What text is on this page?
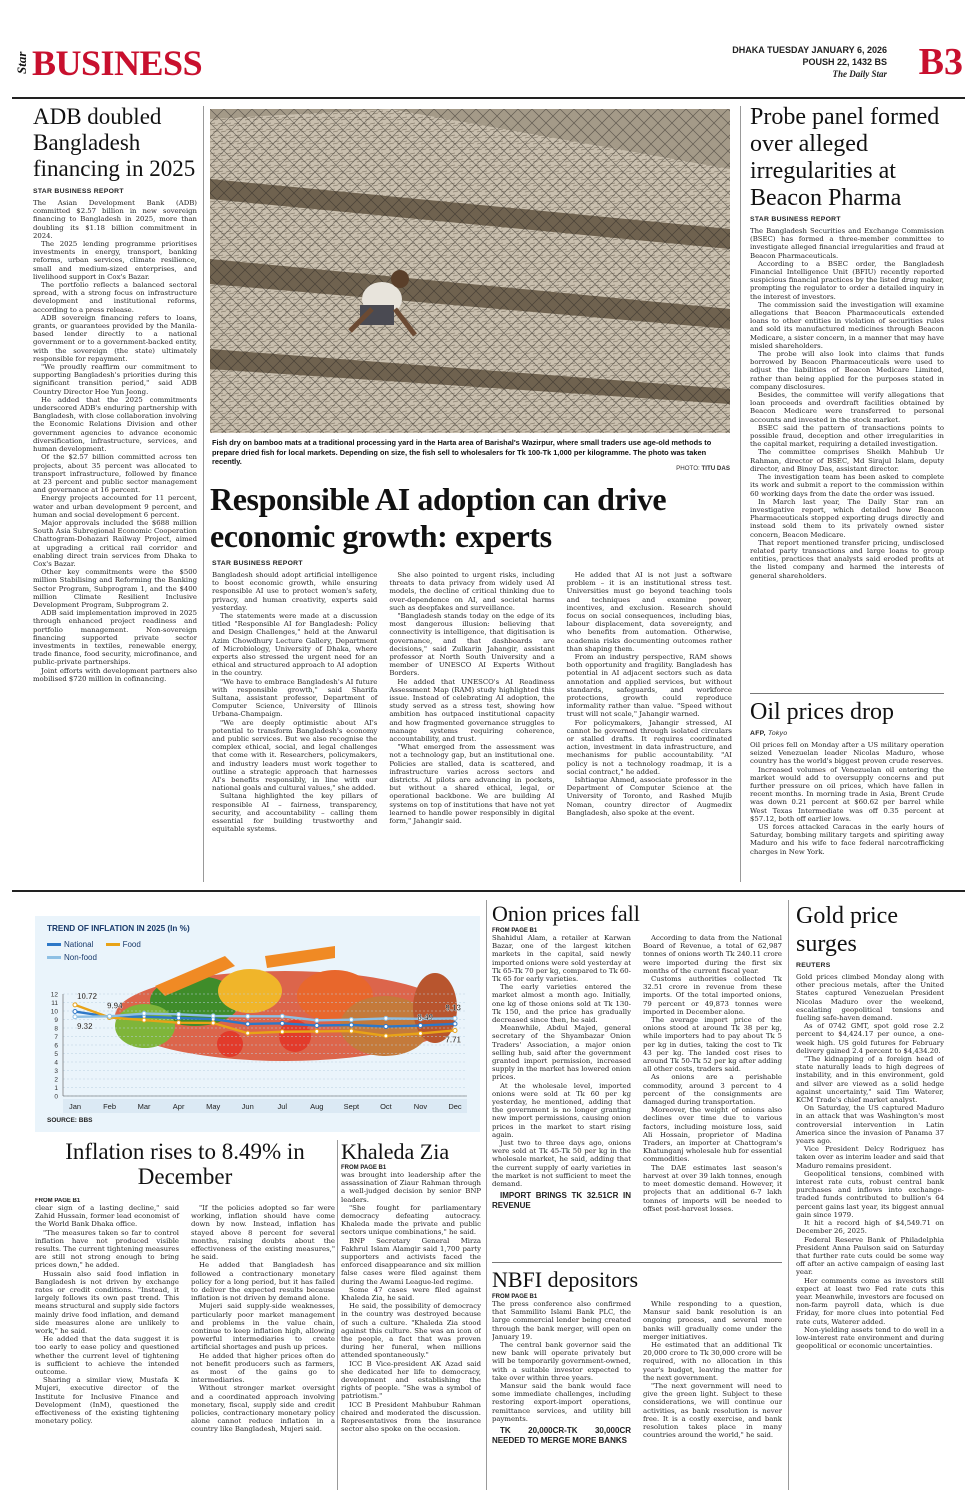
Star BUSINESS	DHAKA TUESDAY JANUARY 6, 2026
POUSH 22, 1432 BS
The Daily Star B3
ADB doubled Bangladesh financing in 2025
STAR BUSINESS REPORT

The Asian Development Bank (ADB) committed $2.57 billion in new sovereign financing to Bangladesh in 2025, more than doubling its $1.18 billion commitment in 2024.

The 2025 lending programme prioritises investments in energy, transport, banking reforms, urban services, climate resilience, small and medium-sized enterprises, and livelihood support in Cox's Bazar.

The portfolio reflects a balanced sectoral spread, with a strong focus on infrastructure development and institutional reforms, according to a press release.

ADB sovereign financing refers to loans, grants, or guarantees provided by the Manila-based lender directly to a national government or to a government-backed entity, with the sovereign (the state) ultimately responsible for repayment.

"We proudly reaffirm our commitment to supporting Bangladesh's priorities during this significant transition period," said ADB Country Director Hoe Yun Jeong.

He added that the 2025 commitments underscored ADB's enduring partnership with Bangladesh, with close collaboration involving the Economic Relations Division and other government agencies to advance economic diversification, infrastructure, services, and human development.

Of the $2.57 billion committed across ten projects, about 35 percent was allocated to transport infrastructure, followed by finance at 23 percent and public sector management and governance at 16 percent.

Energy projects accounted for 11 percent, water and urban development 9 percent, and human and social development 6 percent.

Major approvals included the $688 million South Asia Subregional Economic Cooperation Chattogram-Dohazari Railway Project, aimed at upgrading a critical rail corridor and enabling direct train services from Dhaka to Cox's Bazar.

Other key commitments were the $500 million Stabilising and Reforming the Banking Sector Program, Subprogram 1, and the $400 million Climate Resilient Inclusive Development Program, Subprogram 2.

ADB said implementation improved in 2025 through enhanced project readiness and portfolio management. Non-sovereign financing supported private sector investments in textiles, renewable energy, trade finance, food security, microfinance, and public-private partnerships.

Joint efforts with development partners also mobilised $720 million in cofinancing.

Fish dry on bamboo mats at a traditional processing yard in the Harta area of Barishal's Wazirpur, where small traders use age-old methods to prepare dried fish for local markets. Depending on size, the fish sell to wholesalers for Tk 100-Tk 1,000 per kilogramme. The photo was taken recently.
PHOTO: TITU DAS
Responsible AI adoption can drive economic growth: experts
STAR BUSINESS REPORT

Bangladesh should adopt artificial intelligence to boost economic growth, while ensuring responsible AI use to protect women's safety, privacy, and human creativity, experts said yesterday.

The statements were made at a discussion titled "Responsible AI for Bangladesh: Policy and Design Challenges," held at the Anwarul Azim Chowdhury Lecture Gallery, Department of Microbiology, University of Dhaka, where experts also stressed the urgent need for an ethical and structured approach to AI adoption in the country.

"We have to embrace Bangladesh's AI future with responsible growth," said Sharifa Sultana, assistant professor, Department of Computer Science, University of Illinois Urbana-Champaign.

"We are deeply optimistic about AI's potential to transform Bangladesh's economy and public services. But we also recognise the complex ethical, social, and legal challenges that come with it. Researchers, policymakers, and industry leaders must work together to outline a strategic approach that harnesses AI's benefits responsibly, in line with our national goals and cultural values," she added.

Sultana highlighted the key pillars of responsible AI – fairness, transparency, security, and accountability – calling them essential for building trustworthy and equitable systems.

She also pointed to urgent risks, including threats to data privacy from widely used AI models, the decline of critical thinking due to over-dependence on AI, and societal harms such as deepfakes and surveillance.

"Bangladesh stands today on the edge of its most dangerous illusion: believing that connectivity is intelligence, that digitisation is governance, and that dashboards are decisions," said Zulkarin Jahangir, assistant professor at North South University and a member of UNESCO AI Experts Without Borders.

He added that UNESCO's AI Readiness Assessment Map (RAM) study highlighted this issue. Instead of celebrating AI adoption, the study served as a stress test, showing how ambition has outpaced institutional capacity and how fragmented governance struggles to manage systems requiring coherence, accountability, and trust.

"What emerged from the assessment was not a technology gap, but an institutional one. Policies are stalled, data is scattered, and infrastructure varies across sectors and districts. AI pilots are advancing in pockets, but without a shared ethical, legal, or operational backbone. We are building AI systems on top of institutions that have not yet learned to handle power responsibly in digital form," Jahangir said.

He added that AI is not just a software problem – it is an institutional stress test. Universities must go beyond teaching tools and techniques and examine power, incentives, and exclusion. Research should focus on social consequences, including bias, labour displacement, data sovereignty, and who benefits from automation. Otherwise, academia risks documenting outcomes rather than shaping them.

From an industry perspective, RAM shows both opportunity and fragility. Bangladesh has potential in AI adjacent sectors such as data annotation and applied services, but without standards, safeguards, and workforce protections, growth could reproduce informality rather than value. "Speed without trust will not scale," Jahangir warned.

For policymakers, Jahangir stressed, AI cannot be governed through isolated circulars or stalled drafts. It requires coordinated action, investment in data infrastructure, and mechanisms for public accountability. "AI policy is not a technology roadmap, it is a social contract," he added.

Ishtiaque Ahmed, associate professor in the Department of Computer Science at the University of Toronto, and Rashed Mujib Noman, country director of Augmedix Bangladesh, also spoke at the event.

Probe panel formed over alleged irregularities at Beacon Pharma
STAR BUSINESS REPORT

The Bangladesh Securities and Exchange Commission (BSEC) has formed a three-member committee to investigate alleged financial irregularities and fraud at Beacon Pharmaceuticals.

According to a BSEC order, the Bangladesh Financial Intelligence Unit (BFIU) recently reported suspicious financial practices by the listed drug maker, prompting the regulator to order a detailed inquiry in the interest of investors.

The commission said the investigation will examine allegations that Beacon Pharmaceuticals extended loans to other entities in violation of securities rules and sold its manufactured medicines through Beacon Medicare, a sister concern, in a manner that may have misled shareholders.

The probe will also look into claims that funds borrowed by Beacon Pharmaceuticals were used to adjust the liabilities of Beacon Medicare Limited, rather than being applied for the purposes stated in company disclosures.

Besides, the committee will verify allegations that loan proceeds and overdraft facilities obtained by Beacon Medicare were transferred to personal accounts and invested in the stock market.

BSEC said the pattern of transactions points to possible fraud, deception and other irregularities in the capital market, requiring a detailed investigation.

The committee comprises Sheikh Mahbub Ur Rahman, director of BSEC, Md Sirajul Islam, deputy director, and Binoy Das, assistant director.

The investigation team has been asked to complete its work and submit a report to the commission within 60 working days from the date the order was issued.

In March last year, The Daily Star ran an investigative report, which detailed how Beacon Pharmaceuticals stopped exporting drugs directly and instead sold them to its privately owned sister concern, Beacon Medicare.

That report mentioned transfer pricing, undisclosed related party transactions and large loans to group entities, practices that analysts said eroded profits at the listed company and harmed the interests of general shareholders.

Oil prices drop
AFP, Tokyo

Oil prices fell on Monday after a US military operation seized Venezuelan leader Nicolas Maduro, whose country has the world's biggest proven crude reserves.

Increased volumes of Venezuelan oil entering the market would add to oversupply concerns and put further pressure on oil prices, which have fallen in recent months. In morning trade in Asia, Brent Crude was down 0.21 percent at $60.62 per barrel while West Texas Intermediate was off 0.35 percent at $57.12, both off earlier lows.

US forces attacked Caracas in the early hours of Saturday, bombing military targets and spiriting away Maduro and his wife to face federal narcotrafficking charges in New York.

12
11
10
9
8
7
6
5
4
3
2
1
0
Jan	Feb	Mar	Apr	May	Jun	Jul	Aug	Sept	Oct	Nov	Dec
10.72
9.94
9.32
9.13
8.49
7.71
TREND OF INFLATION IN 2025 (In %)
National	Food
Non-food
SOURCE: BBS
Inflation rises to 8.49% in December
FROM PAGE B1

clear sign of a lasting decline," said Zahid Hussain, former lead economist of the World Bank Dhaka office.

"The measures taken so far to control inflation have not produced visible results. The current tightening measures are still not strong enough to bring prices down," he added.

Hussain also said food inflation in Bangladesh is not driven by exchange rates or credit conditions. "Instead, it largely follows its own past trend. This means structural and supply side factors mainly drive food inflation, and demand side measures alone are unlikely to work," he said.

He added that the data suggest it is too early to ease policy and questioned whether the current level of tightening is sufficient to achieve the intended outcome.

Sharing a similar view, Mustafa K Mujeri, executive director of the Institute for Inclusive Finance and Development (InM), questioned the effectiveness of the existing tightening monetary policy.

"If the policies adopted so far were working, inflation should have come down by now. Instead, inflation has stayed above 8 percent for several months, raising doubts about the effectiveness of the existing measures," he said.

He added that Bangladesh has followed a contractionary monetary policy for a long period, but it has failed to deliver the expected results because inflation is not driven by demand alone.

Mujeri said supply-side weaknesses, particularly poor market management and problems in the value chain, continue to keep inflation high, allowing powerful intermediaries to create artificial shortages and push up prices.

He added that higher prices often do not benefit producers such as farmers, as most of the gains go to intermediaries.

Without stronger market oversight and a coordinated approach involving monetary, fiscal, supply side and credit policies, contractionary monetary policy alone cannot reduce inflation in a country like Bangladesh, Mujeri said.

Khaleda Zia
FROM PAGE B1

was brought into leadership after the assassination of Ziaur Rahman through a well-judged decision by senior BNP leaders.

"She fought for parliamentary democracy defeating autocracy. Khaleda made the private and public sectors unique combinations," he said.

BNP Secretary General Mirza Fakhrul Islam Alamgir said 1,700 party supporters and activists faced the enforced disappearance and six million false cases were filed against them during the Awami League-led regime.

Some 47 cases were filed against Khaleda Zia, he said.

He said, the possibility of democracy in the country was destroyed because of such a culture. "Khaleda Zia stood against this culture. She was an icon of the people, a fact that was proven during her funeral, when millions attended spontaneously."

ICC B Vice-president AK Azad said she dedicated her life to democracy, development and establishing the rights of people. "She was a symbol of patriotism."

ICC B President Mahbubur Rahman chaired and moderated the discussion. Representatives from the insurance sector also spoke on the occasion.

Onion prices fall
FROM PAGE B1

Shahidul Alam, a retailer at Karwan Bazar, one of the largest kitchen markets in the capital, said newly imported onions were sold yesterday at Tk 65-Tk 70 per kg, compared to Tk 60-Tk 65 for early varieties.

The early varieties entered the market almost a month ago. Initially, one kg of those onions sold at Tk 130-Tk 150, and the price has gradually decreased since then, he said.

Meanwhile, Abdul Majed, general secretary of the Shyambazar Onion Traders' Association, a major onion selling hub, said after the government granted import permission, increased supply in the market has lowered onion prices.

At the wholesale level, imported onions were sold at Tk 60 per kg yesterday, he mentioned, adding that the government is no longer granting new import permissions, causing onion prices in the market to start rising again.

Just two to three days ago, onions were sold at Tk 45-Tk 50 per kg in the wholesale market, he said, adding that the current supply of early varieties in the market is not sufficient to meet the demand.

IMPORT BRINGS TK 32.51CR IN REVENUE

According to data from the National Board of Revenue, a total of 62,987 tonnes of onions worth Tk 240.11 crore were imported during the first six months of the current fiscal year.

Customs authorities collected Tk 32.51 crore in revenue from these imports. Of the total imported onions, 79 percent or 49,873 tonnes were imported in December alone.

The average import price of the onions stood at around Tk 38 per kg, while importers had to pay about Tk 5 per kg in duties, taking the cost to Tk 43 per kg. The landed cost rises to around Tk 50-Tk 52 per kg after adding all other costs, traders said.

As onions are a perishable commodity, around 3 percent to 4 percent of the consignments are damaged during transportation.

Moreover, the weight of onions also declines over time due to various factors, including moisture loss, said Ali Hossain, proprietor of Madina Traders, an importer at Chattogram's Khatunganj wholesale hub for essential commodities.

The DAE estimates last season's harvest at over 39 lakh tonnes, enough to meet domestic demand. However, it projects that an additional 6-7 lakh tonnes of imports will be needed to offset post-harvest losses.

NBFI depositors
FROM PAGE B1

The press conference also confirmed that Sammilito Islami Bank PLC, the large commercial lender being created through the bank merger, will open on January 19.

The central bank governor said the new bank will operate privately but will be temporarily government-owned, with a suitable investor expected to take over within three years.

Mansur said the bank would face some immediate challenges, including restoring export-import operations, remittance services, and utility bill payments.

TK 20,000CR-TK 30,000CR NEEDED TO MERGE MORE BANKS

While responding to a question, Mansur said bank resolution is an ongoing process, and several more banks will gradually come under the merger initiatives.

He estimated that an additional Tk 20,000 crore to Tk 30,000 crore will be required, with no allocation in this year's budget, leaving the matter for the next government.

"The next government will need to give the green light. Subject to these considerations, we will continue our activities, as bank resolution is never free. It is a costly exercise, and bank resolution takes place in many countries around the world," he said.

Gold price surges
REUTERS

Gold prices climbed Monday along with other precious metals, after the United States captured Venezuelan President Nicolas Maduro over the weekend, escalating geopolitical tensions and fueling safe-haven demand.

As of 0742 GMT, spot gold rose 2.2 percent to $4,424.17 per ounce, a one-week high. US gold futures for February delivery gained 2.4 percent to $4,434.20.

"The kidnapping of a foreign head of state naturally leads to high degrees of instability, and in this environment, gold and silver are viewed as a solid hedge against uncertainty," said Tim Waterer, KCM Trade's chief market analyst.

On Saturday, the US captured Maduro in an attack that was Washington's most controversial intervention in Latin America since the invasion of Panama 37 years ago.

Vice President Delcy Rodriguez has taken over as interim leader and said that Maduro remains president.

Geopolitical tensions, combined with interest rate cuts, robust central bank purchases and inflows into exchange-traded funds contributed to bullion's 64 percent gains last year, its biggest annual gain since 1979.

It hit a record high of $4,549.71 on December 26, 2025.

Federal Reserve Bank of Philadelphia President Anna Paulson said on Saturday that further rate cuts could be some way off after an active campaign of easing last year.

Her comments come as investors still expect at least two Fed rate cuts this year. Meanwhile, investors are focused on non-farm payroll data, which is due Friday, for more clues into potential Fed rate cuts, Waterer added.

Non-yielding assets tend to do well in a low-interest rate environment and during geopolitical or economic uncertainties.
